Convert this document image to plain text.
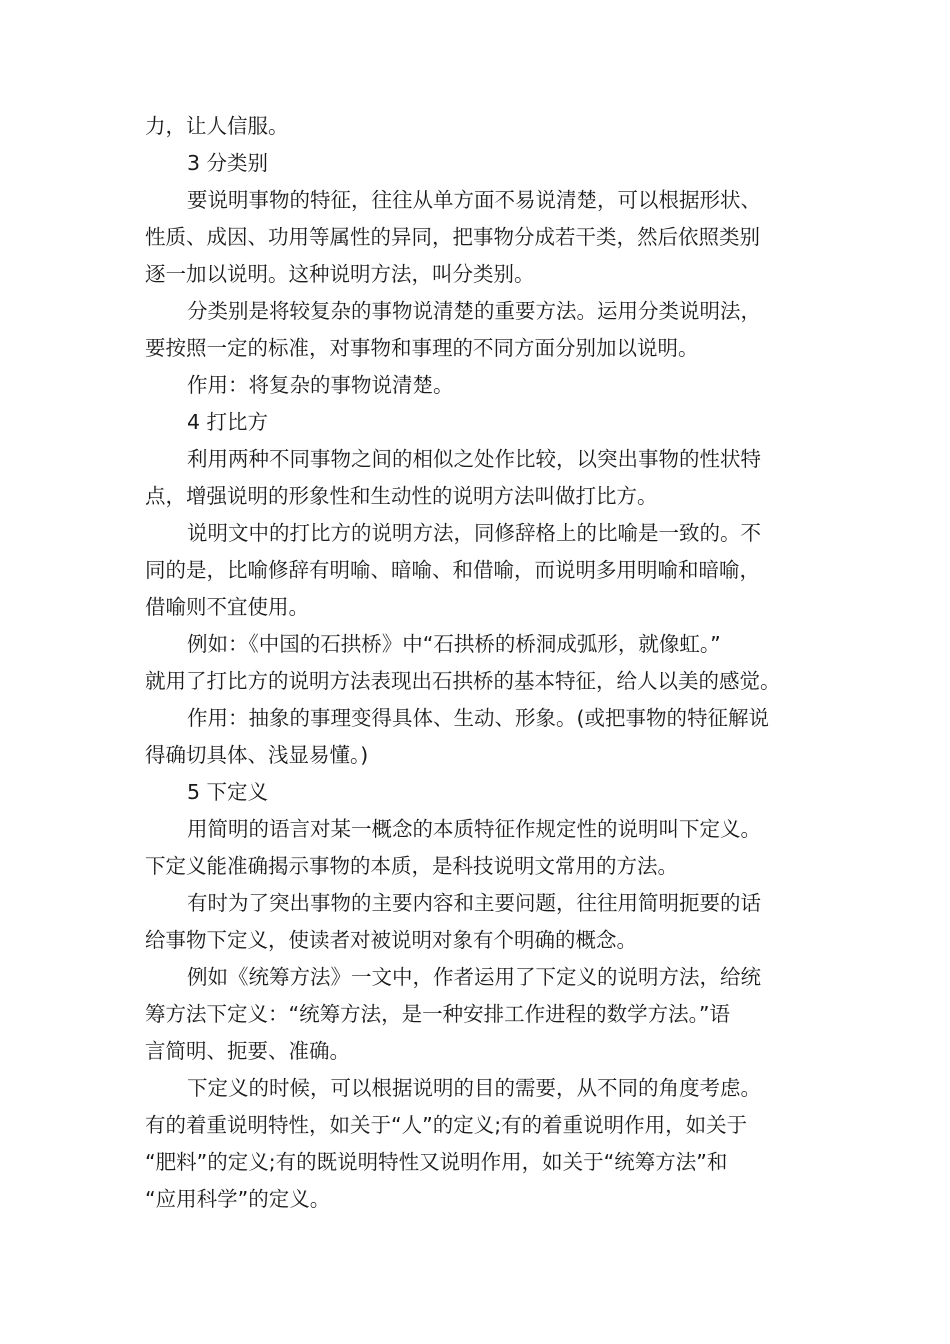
力，让人信服。
3 分类别
要说明事物的特征，往往从单方面不易说清楚，可以根据形状、
性质、成因、功用等属性的异同，把事物分成若干类，然后依照类别
逐一加以说明。这种说明方法，叫分类别。
分类别是将较复杂的事物说清楚的重要方法。运用分类说明法，
要按照一定的标准，对事物和事理的不同方面分别加以说明。
作用：将复杂的事物说清楚。
4 打比方
利用两种不同事物之间的相似之处作比较，以突出事物的性状特
点，增强说明的形象性和生动性的说明方法叫做打比方。
说明文中的打比方的说明方法，同修辞格上的比喻是一致的。不
同的是，比喻修辞有明喻、暗喻、和借喻，而说明多用明喻和暗喻，
借喻则不宜使用。
例如：《中国的石拱桥》中“石拱桥的桥洞成弧形，就像虹。”
就用了打比方的说明方法表现出石拱桥的基本特征，给人以美的感觉。
作用：抽象的事理变得具体、生动、形象。(或把事物的特征解说
得确切具体、浅显易懂。)
5 下定义
用简明的语言对某一概念的本质特征作规定性的说明叫下定义。
下定义能准确揭示事物的本质，是科技说明文常用的方法。
有时为了突出事物的主要内容和主要问题，往往用简明扼要的话
给事物下定义，使读者对被说明对象有个明确的概念。
例如《统筹方法》一文中，作者运用了下定义的说明方法，给统
筹方法下定义：“统筹方法，是一种安排工作进程的数学方法。”语
言简明、扼要、准确。
下定义的时候，可以根据说明的目的需要，从不同的角度考虑。
有的着重说明特性，如关于“人”的定义;有的着重说明作用，如关于
“肥料”的定义;有的既说明特性又说明作用，如关于“统筹方法”和
“应用科学”的定义。
